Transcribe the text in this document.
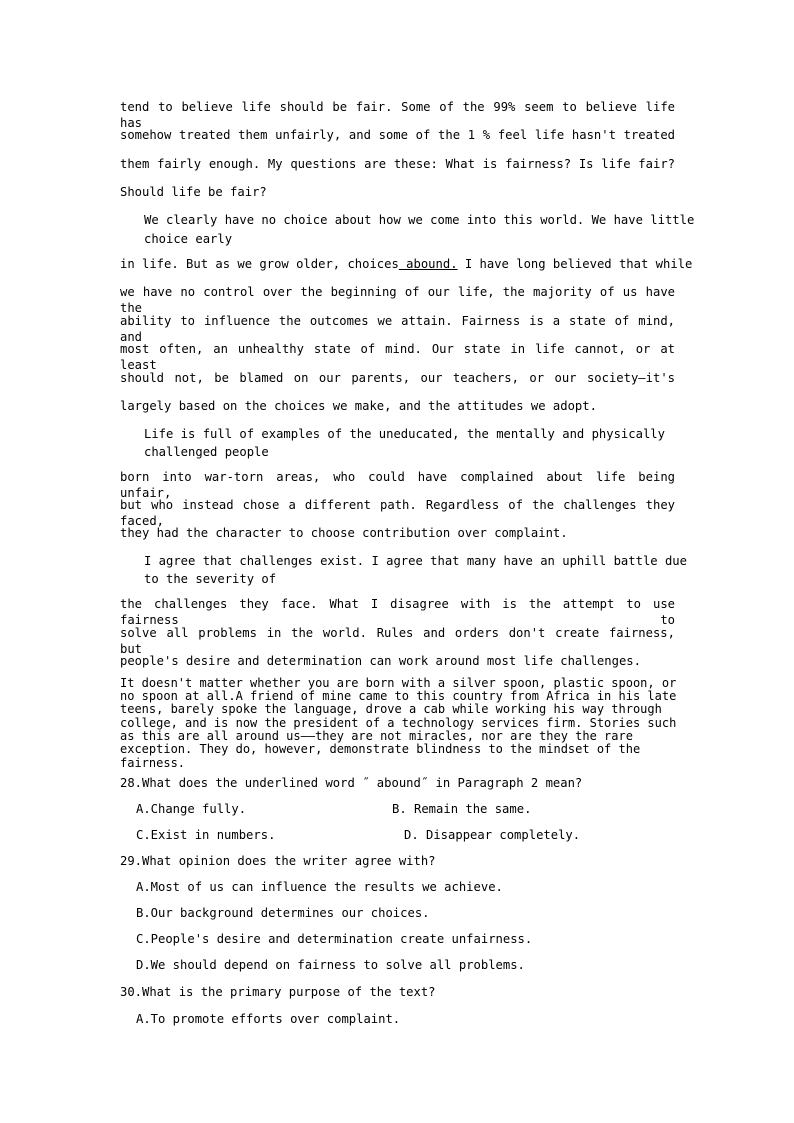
tend to believe life should be fair. Some of the 99% seem to believe life has
somehow treated them unfairly, and some of the 1 % feel life hasn't treated
them fairly enough. My questions are these: What is fairness? Is life fair?
Should life be fair?
We clearly have no choice about how we come into this world. We have little
choice early
in life. But as we grow older, choices abound. I have long believed that while
we have no control over the beginning of our life, the majority of us have the
ability to influence the outcomes we attain. Fairness is a state of mind, and
most often, an unhealthy state of mind. Our state in life cannot, or at least
should not, be blamed on our parents, our teachers, or our society—it's
largely based on the choices we make, and the attitudes we adopt.
Life is full of examples of the uneducated, the mentally and physically
challenged people
born into war-torn areas, who could have complained about life being unfair,
but who instead chose a different path. Regardless of the challenges they faced,
they had the character to choose contribution over complaint.
I agree that challenges exist. I agree that many have an uphill battle due
to the severity of
the challenges they face. What I disagree with is the attempt to use fairness to
solve all problems in the world. Rules and orders don't create fairness, but
people's desire and determination can work around most life challenges.
It doesn't matter whether you are born with a silver spoon, plastic spoon, or
no spoon at all.A friend of mine came to this country from Africa in his late
teens, barely spoke the language, drove a cab while working his way through
college, and is now the president of a technology services firm. Stories such
as this are all around us——they are not miracles, nor are they the rare
exception. They do, however, demonstrate blindness to the mindset of the
fairness.
28.What does the underlined word ˝ abound˝ in Paragraph 2 mean?
A.Change fully.	B. Remain the same.
C.Exist in numbers.	D. Disappear completely.
29.What opinion does the writer agree with?
A.Most of us can influence the results we achieve.
B.Our background determines our choices.
C.People's desire and determination create unfairness.
D.We should depend on fairness to solve all problems.
30.What is the primary purpose of the text?
A.To promote efforts over complaint.
